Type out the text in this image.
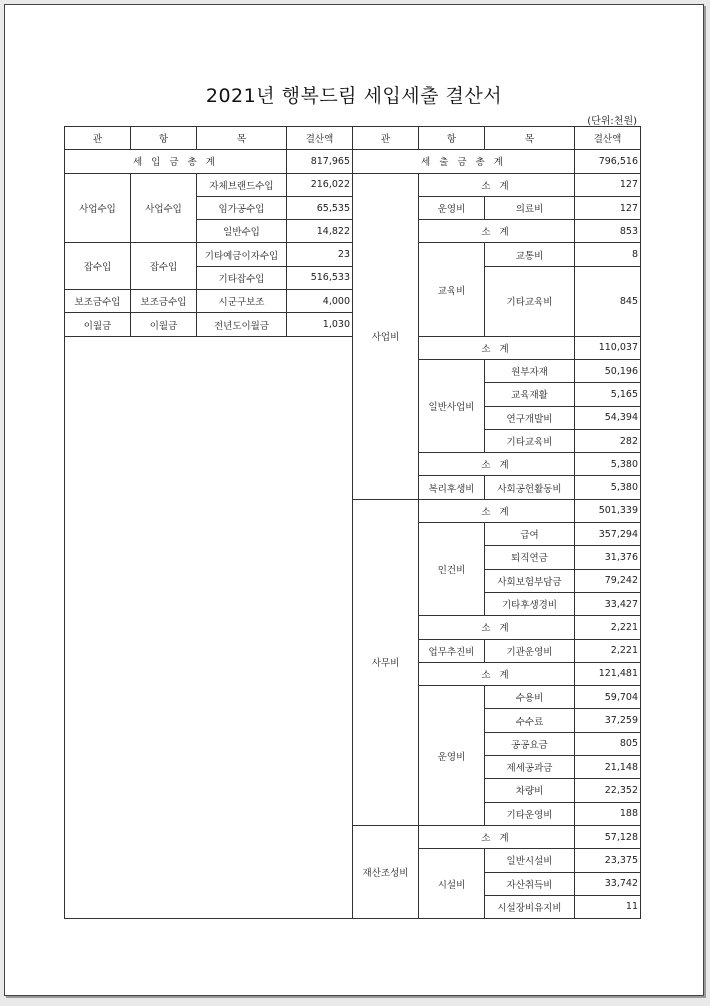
2021년 행복드림 세입세출 결산서
(단위:천원)
관	항	목	결산액	관	항	목	결산액
세 입 금 총 계			817,965	세 출 금 총 계			796,516
사업수입	사업수입	자체브랜드수입	216,022	사업비	소 계		127
		임가공수입	65,535		운영비	의료비	127
		일반수입	14,822		소 계		853
잡수입	잡수입	기타예금이자수입	23		교육비	교통비	8
		기타잡수입	516,533			기타교육비	845
보조금수입	보조금수입	시군구보조	4,000				
이월금	이월금	전년도이월금	1,030				
					소 계		110,037
					일반사업비	원부자재	50,196
						교육재활	5,165
						연구개발비	54,394
						기타교육비	282
					소 계		5,380
					복리후생비	사회공헌활동비	5,380
				사무비	소 계		501,339
					인건비	급여	357,294
						퇴직연금	31,376
						사회보험부담금	79,242
						기타후생경비	33,427
					소 계		2,221
					업무추진비	기관운영비	2,221
					소 계		121,481
					운영비	수용비	59,704
						수수료	37,259
						공공요금	805
						제세공과금	21,148
						차량비	22,352
						기타운영비	188
				재산조성비	소 계		57,128
					시설비	일반시설비	23,375
						자산취득비	33,742
						시설장비유지비	11
